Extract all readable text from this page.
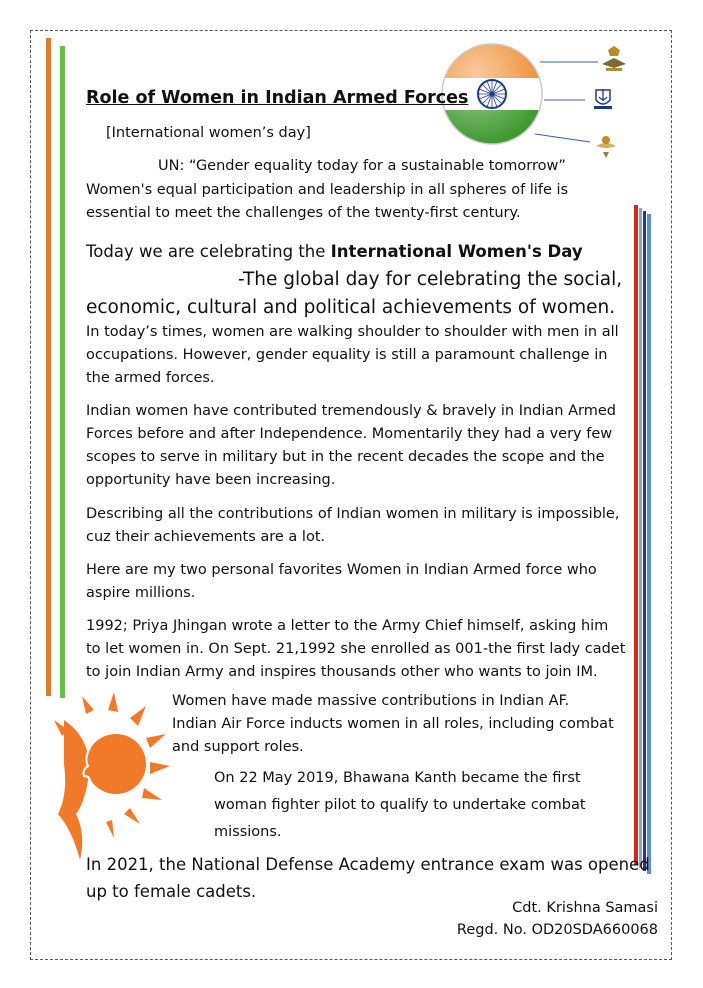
Role of Women in Indian Armed Forces
[International women’s day]
UN: “Gender equality today for a sustainable tomorrow”
Women's equal participation and leadership in all spheres of life is
essential to meet the challenges of the twenty-first century.
Today we are celebrating the International Women's Day
-The global day for celebrating the social,
economic, cultural and political achievements of women.
In today’s times, women are walking shoulder to shoulder with men in all
occupations. However, gender equality is still a paramount challenge in
the armed forces.
Indian women have contributed tremendously & bravely in Indian Armed
Forces before and after Independence. Momentarily they had a very few
scopes to serve in military but in the recent decades the scope and the
opportunity have been increasing.
Describing all the contributions of Indian women in military is impossible,
cuz their achievements are a lot.
Here are my two personal favorites Women in Indian Armed force who
aspire millions.
1992; Priya Jhingan wrote a letter to the Army Chief himself, asking him
to let women in. On Sept. 21,1992 she enrolled as 001-the first lady cadet
to join Indian Army and inspires thousands other who wants to join IM.
Women have made massive contributions in Indian AF.
Indian Air Force inducts women in all roles, including combat
and support roles.
On 22 May 2019, Bhawana Kanth became the first
woman fighter pilot to qualify to undertake combat
missions.
In 2021, the National Defense Academy entrance exam was opened
up to female cadets.
Cdt. Krishna Samasi
Regd. No. OD20SDA660068
